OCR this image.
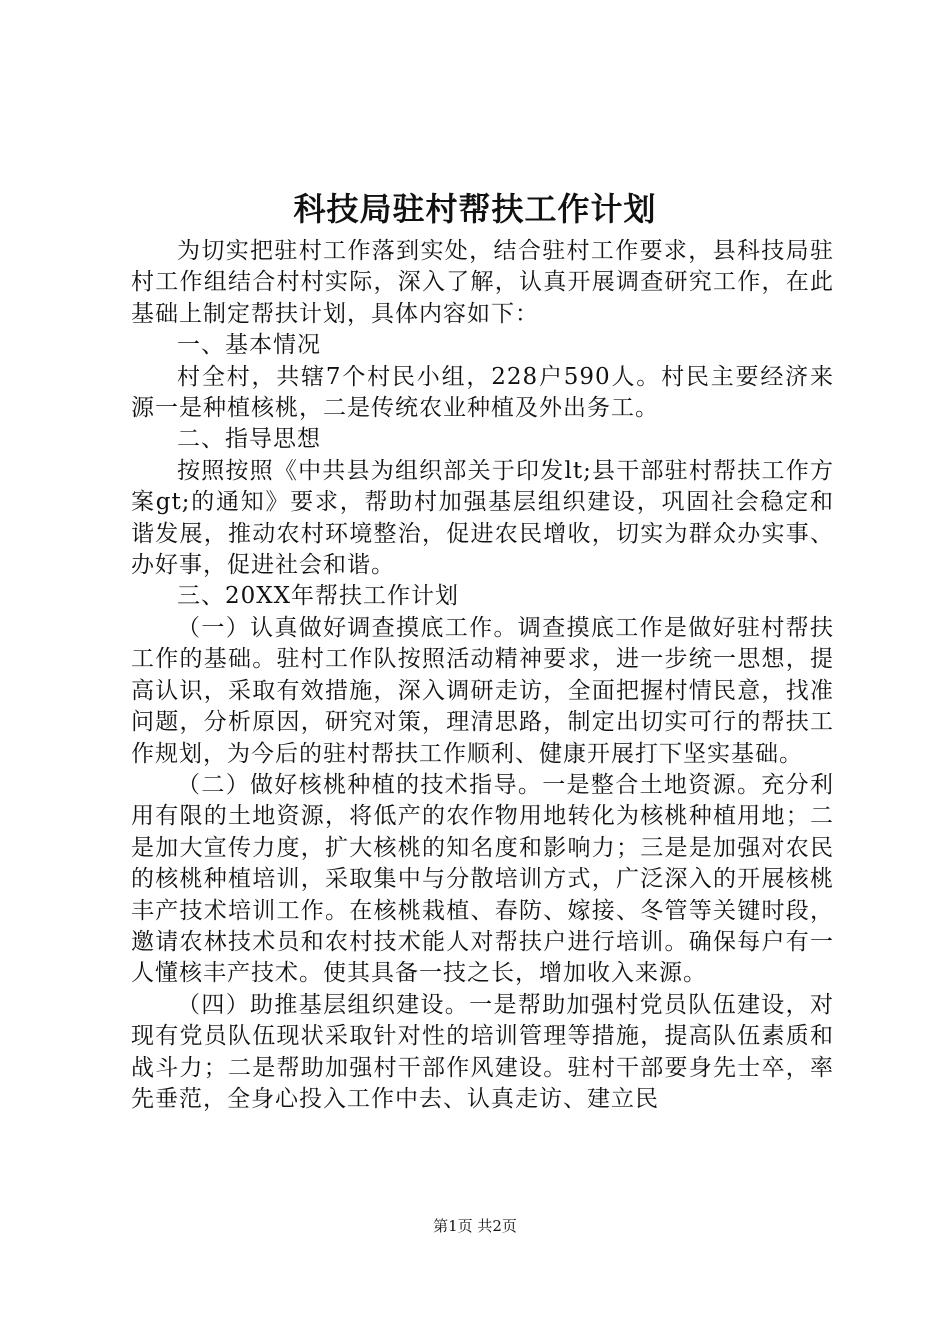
科技局驻村帮扶工作计划

为切实把驻村工作落到实处，结合驻村工作要求，县科技局驻村工作组结合村村实际，深入了解，认真开展调查研究工作，在此基础上制定帮扶计划，具体内容如下：

一、基本情况

村全村，共辖7个村民小组，228户590人。村民主要经济来源一是种植核桃，二是传统农业种植及外出务工。

二、指导思想

按照按照《中共县为组织部关于印发lt;县干部驻村帮扶工作方案gt;的通知》要求，帮助村加强基层组织建设，巩固社会稳定和谐发展，推动农村环境整治，促进农民增收，切实为群众办实事、办好事，促进社会和谐。

三、20XX年帮扶工作计划

（一）认真做好调查摸底工作。调查摸底工作是做好驻村帮扶工作的基础。驻村工作队按照活动精神要求，进一步统一思想，提高认识，采取有效措施，深入调研走访，全面把握村情民意，找准问题，分析原因，研究对策，理清思路，制定出切实可行的帮扶工作规划，为今后的驻村帮扶工作顺利、健康开展打下坚实基础。

（二）做好核桃种植的技术指导。一是整合土地资源。充分利用有限的土地资源，将低产的农作物用地转化为核桃种植用地；二是加大宣传力度，扩大核桃的知名度和影响力；三是是加强对农民的核桃种植培训，采取集中与分散培训方式，广泛深入的开展核桃丰产技术培训工作。在核桃栽植、春防、嫁接、冬管等关键时段，邀请农林技术员和农村技术能人对帮扶户进行培训。确保每户有一人懂核丰产技术。使其具备一技之长，增加收入来源。

（四）助推基层组织建设。一是帮助加强村党员队伍建设，对现有党员队伍现状采取针对性的培训管理等措施，提高队伍素质和战斗力；二是帮助加强村干部作风建设。驻村干部要身先士卒，率先垂范，全身心投入工作中去、认真走访、建立民

第1页 共2页
